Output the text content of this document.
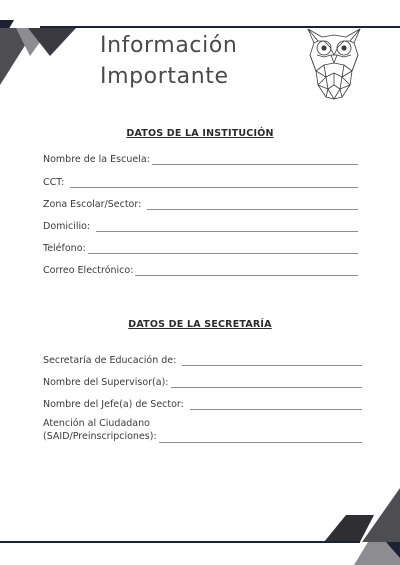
Información
Importante
DATOS DE LA INSTITUCIÓN
Nombre de la Escuela:
CCT:
Zona Escolar/Sector:
Domicilio:
Teléfono:
Correo Electrónico:
DATOS DE LA SECRETARÍA
Secretaría de Educación de:
Nombre del Supervisor(a):
Nombre del Jefe(a) de Sector:
Atención al Ciudadano
(SAID/Preinscripciones):
